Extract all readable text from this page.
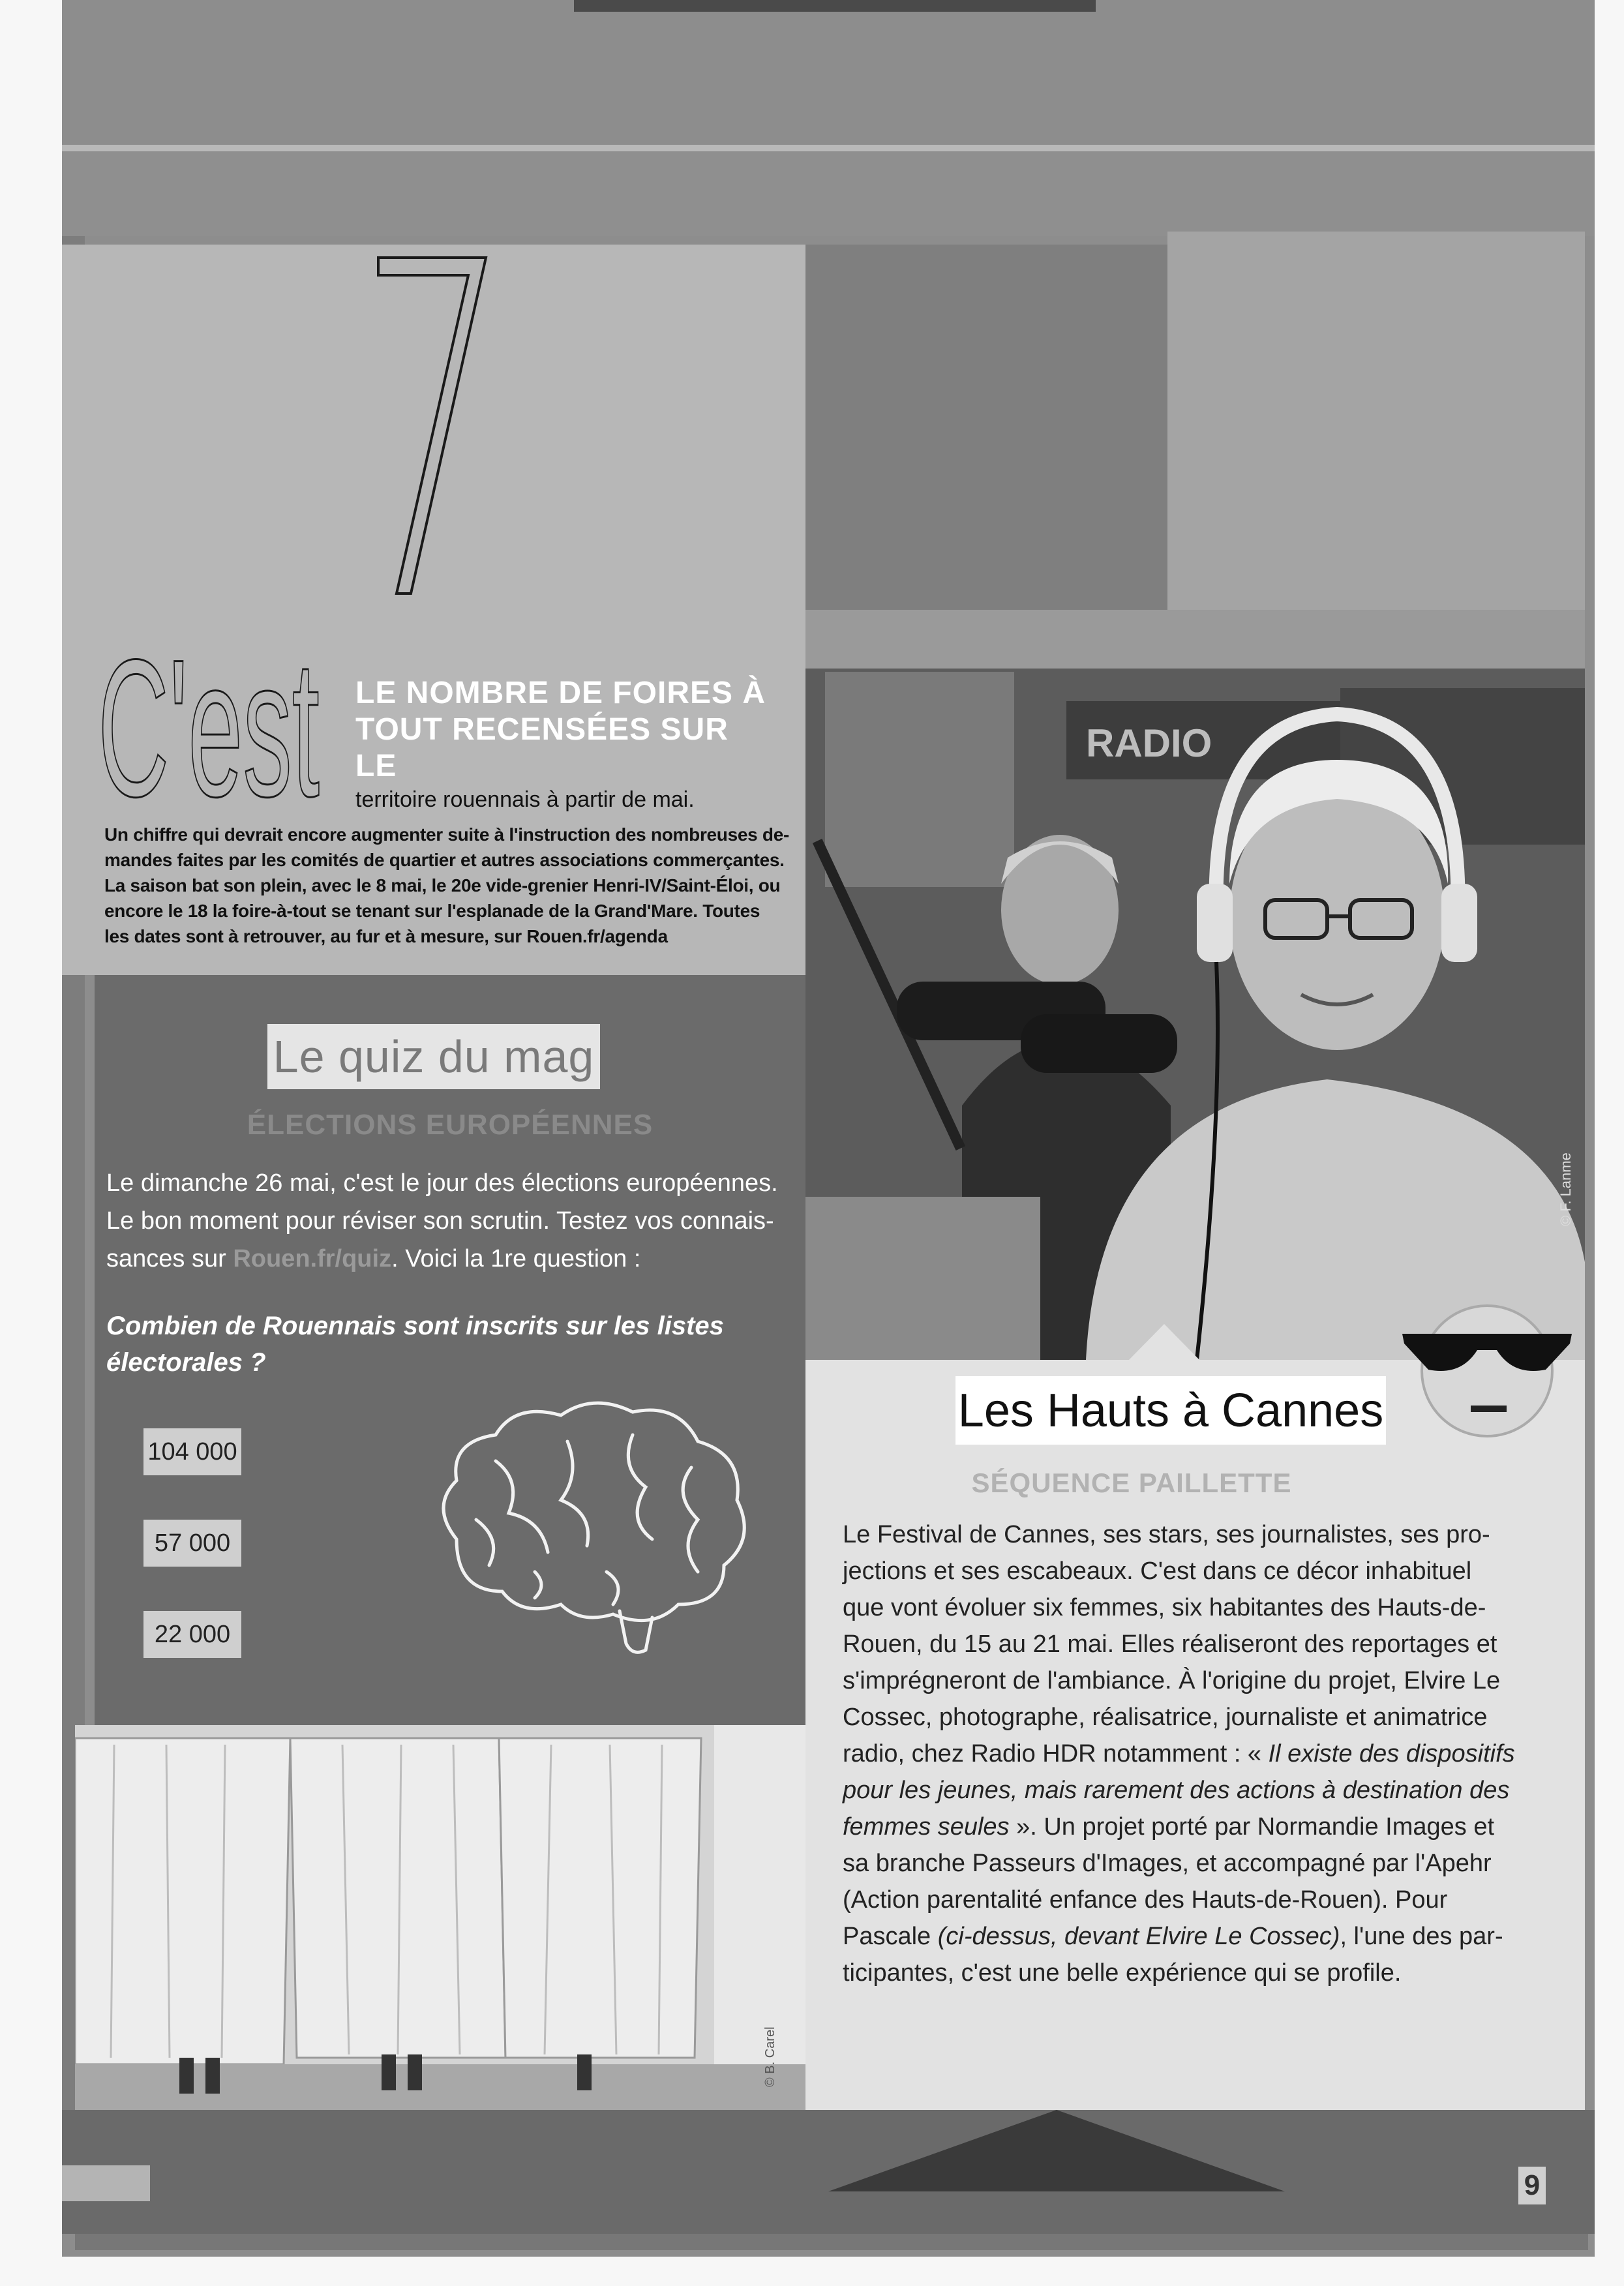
C'est LE NOMBRE DE FOIRES À
TOUT RECENSÉES SUR LE
territoire rouennais à partir de mai.
Un chiffre qui devrait encore augmenter suite à l'instruction des nombreuses de-
mandes faites par les comités de quartier et autres associations commerçantes.
La saison bat son plein, avec le 8 mai, le 20e vide-grenier Henri-IV/Saint-Éloi, ou
encore le 18 la foire-à-tout se tenant sur l'esplanade de la Grand'Mare. Toutes
les dates sont à retrouver, au fur et à mesure, sur Rouen.fr/agenda
RADIO
© F. Lanme
Le quiz du mag
ÉLECTIONS EUROPÉENNES
Le dimanche 26 mai, c'est le jour des élections européennes.
Le bon moment pour réviser son scrutin. Testez vos connais-
sances sur Rouen.fr/quiz. Voici la 1re question :
Combien de Rouennais sont inscrits sur les listes
électorales ?
104 000
57 000
22 000
© B. Carel
Les Hauts à Cannes
SÉQUENCE PAILLETTE
Le Festival de Cannes, ses stars, ses journalistes, ses pro-
jections et ses escabeaux. C'est dans ce décor inhabituel
que vont évoluer six femmes, six habitantes des Hauts-de-
Rouen, du 15 au 21 mai. Elles réaliseront des reportages et
s'imprégneront de l'ambiance. À l'origine du projet, Elvire Le
Cossec, photographe, réalisatrice, journaliste et animatrice
radio, chez Radio HDR notamment : « Il existe des dispositifs
pour les jeunes, mais rarement des actions à destination des
femmes seules ». Un projet porté par Normandie Images et
sa branche Passeurs d'Images, et accompagné par l'Apehr
(Action parentalité enfance des Hauts-de-Rouen). Pour
Pascale (ci-dessus, devant Elvire Le Cossec), l'une des par-
ticipantes, c'est une belle expérience qui se profile.
9
